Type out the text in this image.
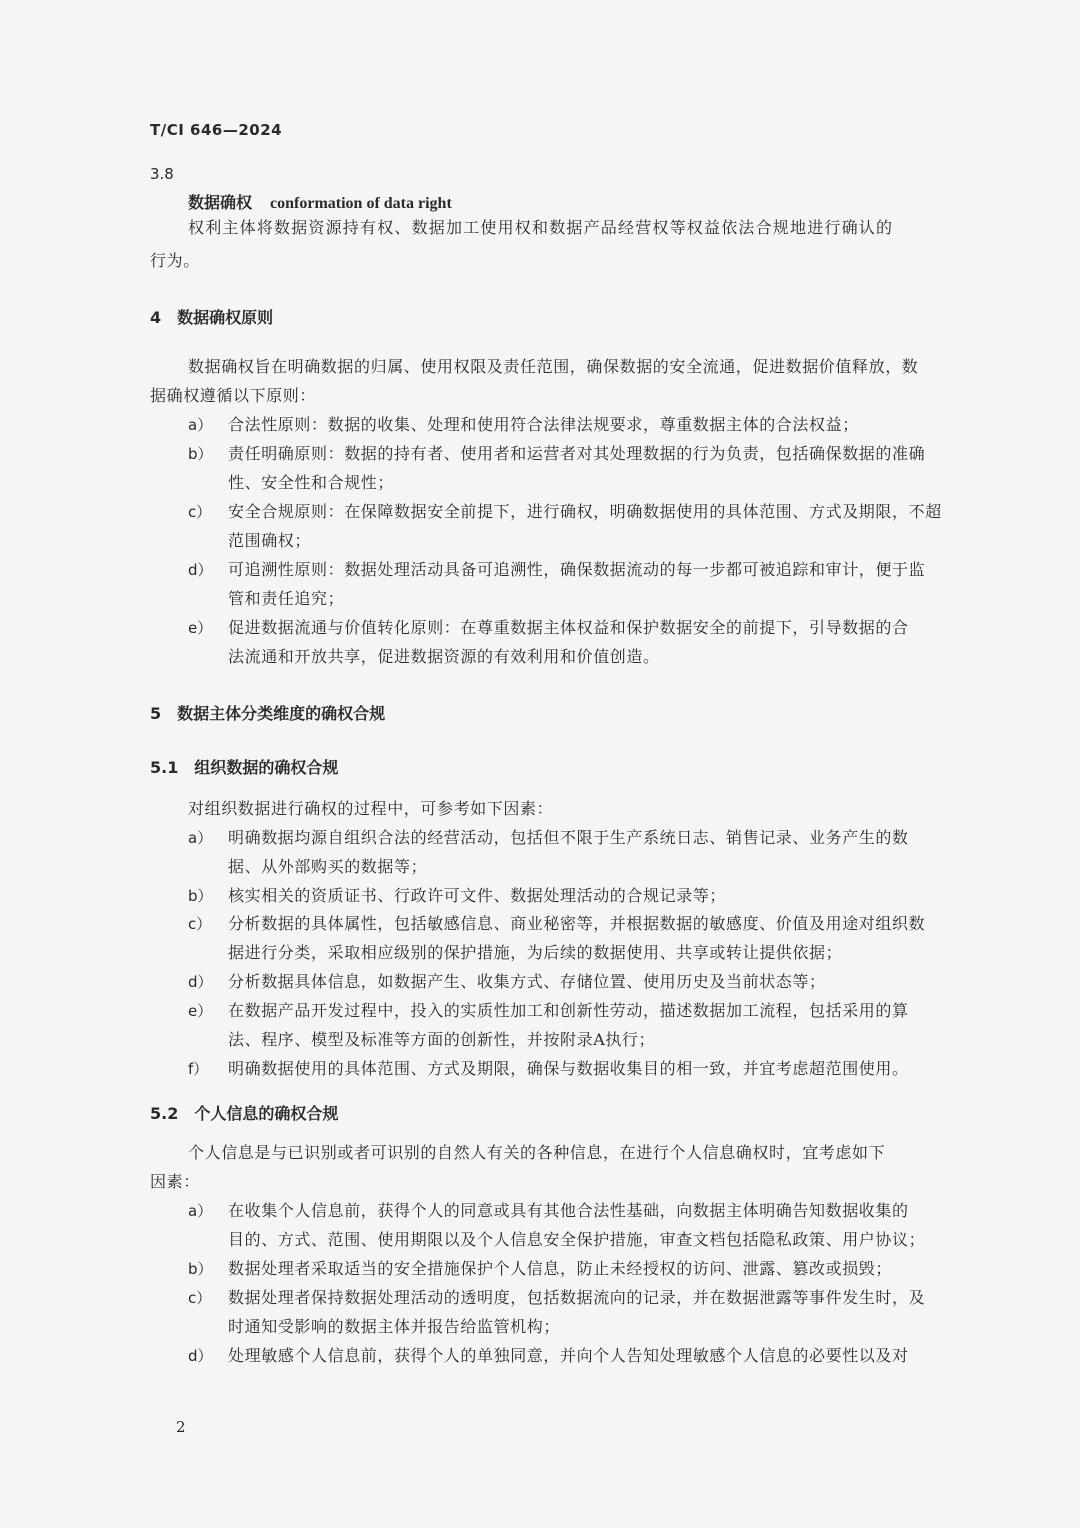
T/CI 646—2024
3.8
数据确权 conformation of data right
权利主体将数据资源持有权、数据加工使用权和数据产品经营权等权益依法合规地进行确认的
行为。
4　数据确权原则
数据确权旨在明确数据的归属、使用权限及责任范围，确保数据的安全流通，促进数据价值释放，数
据确权遵循以下原则：
a） 合法性原则：数据的收集、处理和使用符合法律法规要求，尊重数据主体的合法权益；
b） 责任明确原则：数据的持有者、使用者和运营者对其处理数据的行为负责，包括确保数据的准确
性、安全性和合规性；
c） 安全合规原则：在保障数据安全前提下，进行确权，明确数据使用的具体范围、方式及期限，不超
范围确权；
d） 可追溯性原则：数据处理活动具备可追溯性，确保数据流动的每一步都可被追踪和审计，便于监
管和责任追究；
e） 促进数据流通与价值转化原则：在尊重数据主体权益和保护数据安全的前提下，引导数据的合
法流通和开放共享，促进数据资源的有效利用和价值创造。
5　数据主体分类维度的确权合规
5.1　组织数据的确权合规
对组织数据进行确权的过程中，可参考如下因素：
a） 明确数据均源自组织合法的经营活动，包括但不限于生产系统日志、销售记录、业务产生的数
据、从外部购买的数据等；
b） 核实相关的资质证书、行政许可文件、数据处理活动的合规记录等；
c） 分析数据的具体属性，包括敏感信息、商业秘密等，并根据数据的敏感度、价值及用途对组织数
据进行分类，采取相应级别的保护措施，为后续的数据使用、共享或转让提供依据；
d） 分析数据具体信息，如数据产生、收集方式、存储位置、使用历史及当前状态等；
e） 在数据产品开发过程中，投入的实质性加工和创新性劳动，描述数据加工流程，包括采用的算
法、程序、模型及标准等方面的创新性，并按附录A执行；
f） 明确数据使用的具体范围、方式及期限，确保与数据收集目的相一致，并宜考虑超范围使用。
5.2　个人信息的确权合规
个人信息是与已识别或者可识别的自然人有关的各种信息，在进行个人信息确权时，宜考虑如下
因素：
a） 在收集个人信息前，获得个人的同意或具有其他合法性基础，向数据主体明确告知数据收集的
目的、方式、范围、使用期限以及个人信息安全保护措施，审查文档包括隐私政策、用户协议；
b） 数据处理者采取适当的安全措施保护个人信息，防止未经授权的访问、泄露、篡改或损毁；
c） 数据处理者保持数据处理活动的透明度，包括数据流向的记录，并在数据泄露等事件发生时，及
时通知受影响的数据主体并报告给监管机构；
d） 处理敏感个人信息前，获得个人的单独同意，并向个人告知处理敏感个人信息的必要性以及对
2
